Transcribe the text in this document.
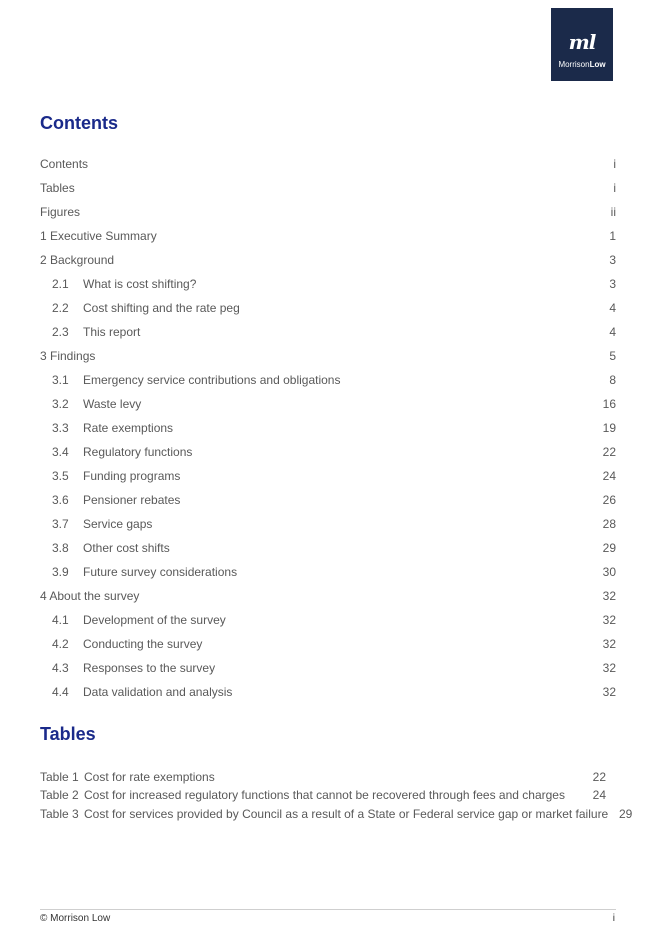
ml
MorrisonLow
Contents
Contents	i
Tables	i
Figures	ii
1 Executive Summary	1
2 Background	3
2.1 What is cost shifting?	3
2.2 Cost shifting and the rate peg	4
2.3 This report	4
3 Findings	5
3.1 Emergency service contributions and obligations	8
3.2 Waste levy	16
3.3 Rate exemptions	19
3.4 Regulatory functions	22
3.5 Funding programs	24
3.6 Pensioner rebates	26
3.7 Service gaps	28
3.8 Other cost shifts	29
3.9 Future survey considerations	30
4 About the survey	32
4.1 Development of the survey	32
4.2 Conducting the survey	32
4.3 Responses to the survey	32
4.4 Data validation and analysis	32
Tables
Table 1 Cost for rate exemptions	22
Table 2 Cost for increased regulatory functions that cannot be recovered through fees and charges 24
Table 3 Cost for services provided by Council as a result of a State or Federal service gap or market failure 29
© Morrison Low	i
